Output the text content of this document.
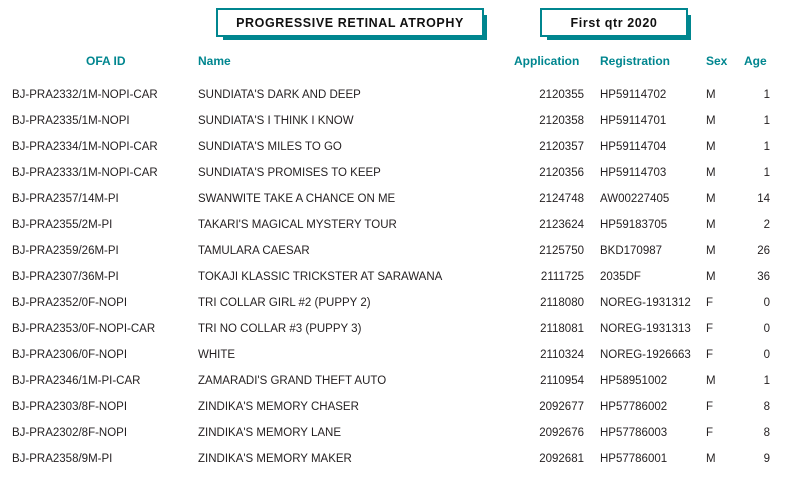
PROGRESSIVE RETINAL ATROPHY	First qtr 2020
OFA ID	Name	Application	Registration	Sex	Age
BJ-PRA2332/1M-NOPI-CAR	SUNDIATA'S DARK AND DEEP	2120355	HP59114702	M	1
BJ-PRA2335/1M-NOPI	SUNDIATA'S I THINK I KNOW	2120358	HP59114701	M	1
BJ-PRA2334/1M-NOPI-CAR	SUNDIATA'S MILES TO GO	2120357	HP59114704	M	1
BJ-PRA2333/1M-NOPI-CAR	SUNDIATA'S PROMISES TO KEEP	2120356	HP59114703	M	1
BJ-PRA2357/14M-PI	SWANWITE TAKE A CHANCE ON ME	2124748	AW00227405	M	14
BJ-PRA2355/2M-PI	TAKARI'S MAGICAL MYSTERY TOUR	2123624	HP59183705	M	2
BJ-PRA2359/26M-PI	TAMULARA CAESAR	2125750	BKD170987	M	26
BJ-PRA2307/36M-PI	TOKAJI KLASSIC TRICKSTER AT SARAWANA	2111725	2035DF	M	36
BJ-PRA2352/0F-NOPI	TRI COLLAR GIRL #2 (PUPPY 2)	2118080	NOREG-1931312	F	0
BJ-PRA2353/0F-NOPI-CAR	TRI NO COLLAR #3 (PUPPY 3)	2118081	NOREG-1931313	F	0
BJ-PRA2306/0F-NOPI	WHITE	2110324	NOREG-1926663	F	0
BJ-PRA2346/1M-PI-CAR	ZAMARADI'S GRAND THEFT AUTO	2110954	HP58951002	M	1
BJ-PRA2303/8F-NOPI	ZINDIKA'S MEMORY CHASER	2092677	HP57786002	F	8
BJ-PRA2302/8F-NOPI	ZINDIKA'S MEMORY LANE	2092676	HP57786003	F	8
BJ-PRA2358/9M-PI	ZINDIKA'S MEMORY MAKER	2092681	HP57786001	M	9
